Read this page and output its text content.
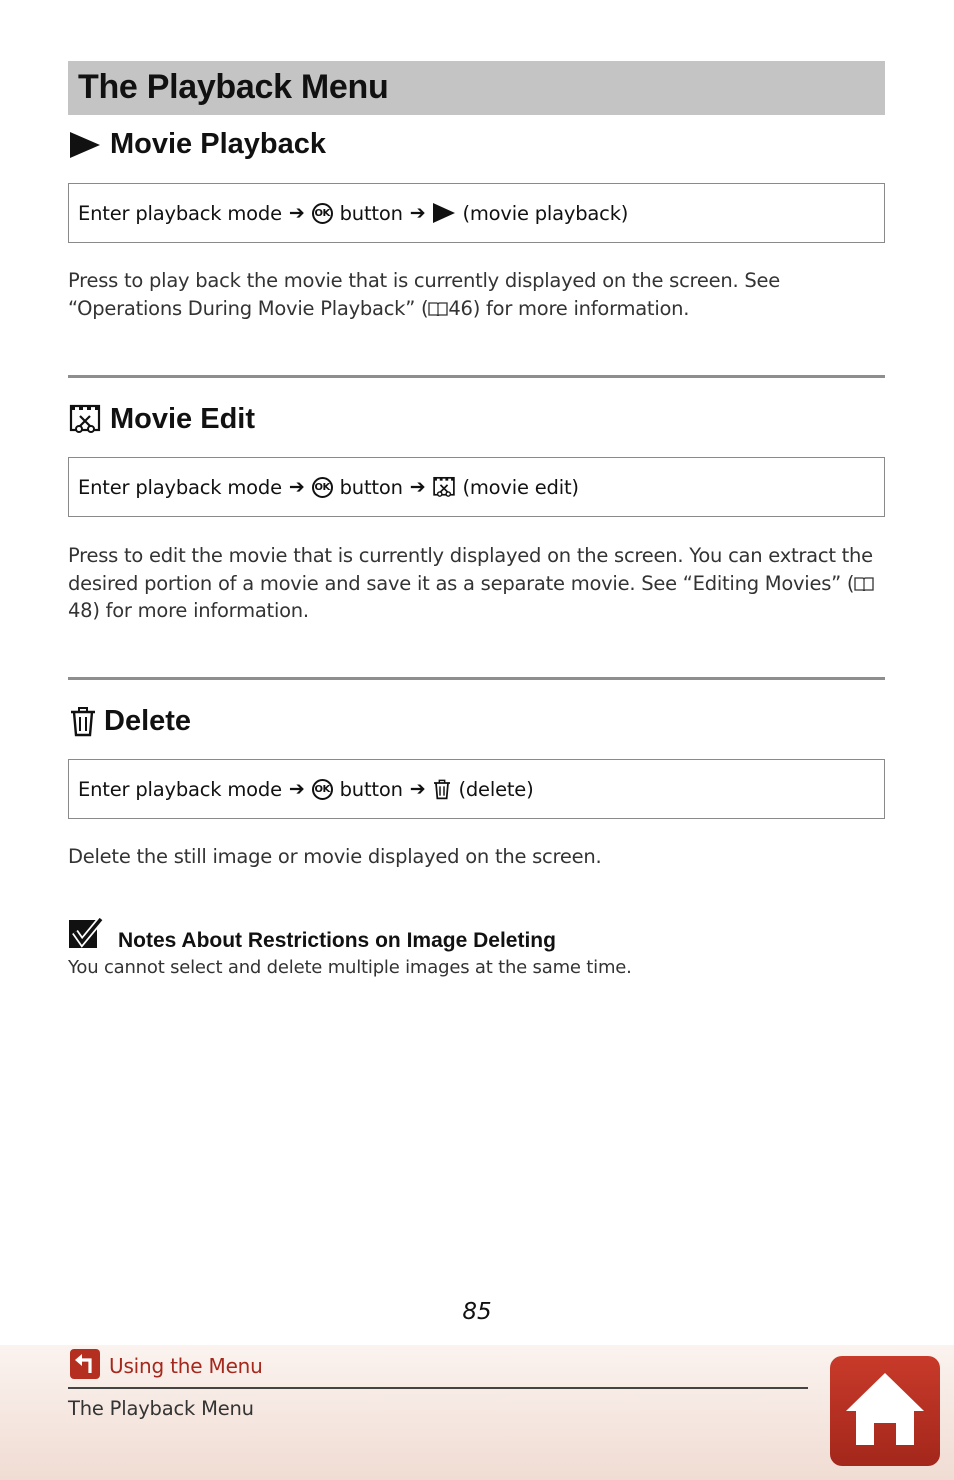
The Playback Menu
Movie Playback
Enter playback mode ➔ OK button ➔ (movie playback)
Press to play back the movie that is currently displayed on the screen. See “Operations During Movie Playback” ( 46) for more information.
Movie Edit
Enter playback mode ➔ OK button ➔ (movie edit)
Press to edit the movie that is currently displayed on the screen. You can extract the desired portion of a movie and save it as a separate movie. See “Editing Movies” (48) for more information.
Delete
Enter playback mode ➔ OK button ➔ (delete)
Delete the still image or movie displayed on the screen.
Notes About Restrictions on Image Deleting
You cannot select and delete multiple images at the same time.
85
Using the Menu
The Playback Menu
